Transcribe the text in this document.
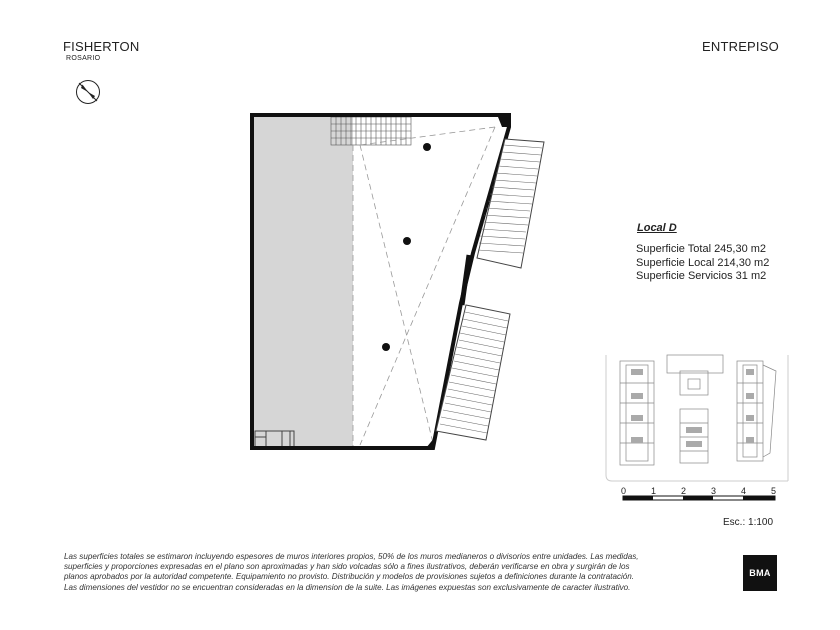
FISHERTON
ROSARIO
ENTREPISO
Local D
Superficie Total 245,30 m2
Superficie Local 214,30 m2
Superficie Servicios 31 m2
0	1	2	3	4	5
Esc.: 1:100
Las superficies totales se estimaron incluyendo espesores de muros interiores propios, 50% de los muros medianeros o divisorios entre unidades. Las medidas,
superficies y proporciones expresadas en el plano son aproximadas y han sido volcadas sólo a fines ilustrativos, deberán verificarse en obra y surgirán de los
planos aprobados por la autoridad competente. Equipamiento no provisto. Distribución y modelos de provisiones sujetos a definiciones durante la contratación.
Las dimensiones del vestidor no se encuentran consideradas en la dimension de la suite. Las imágenes expuestas son exclusivamente de caracter ilustrativo.
BMA
